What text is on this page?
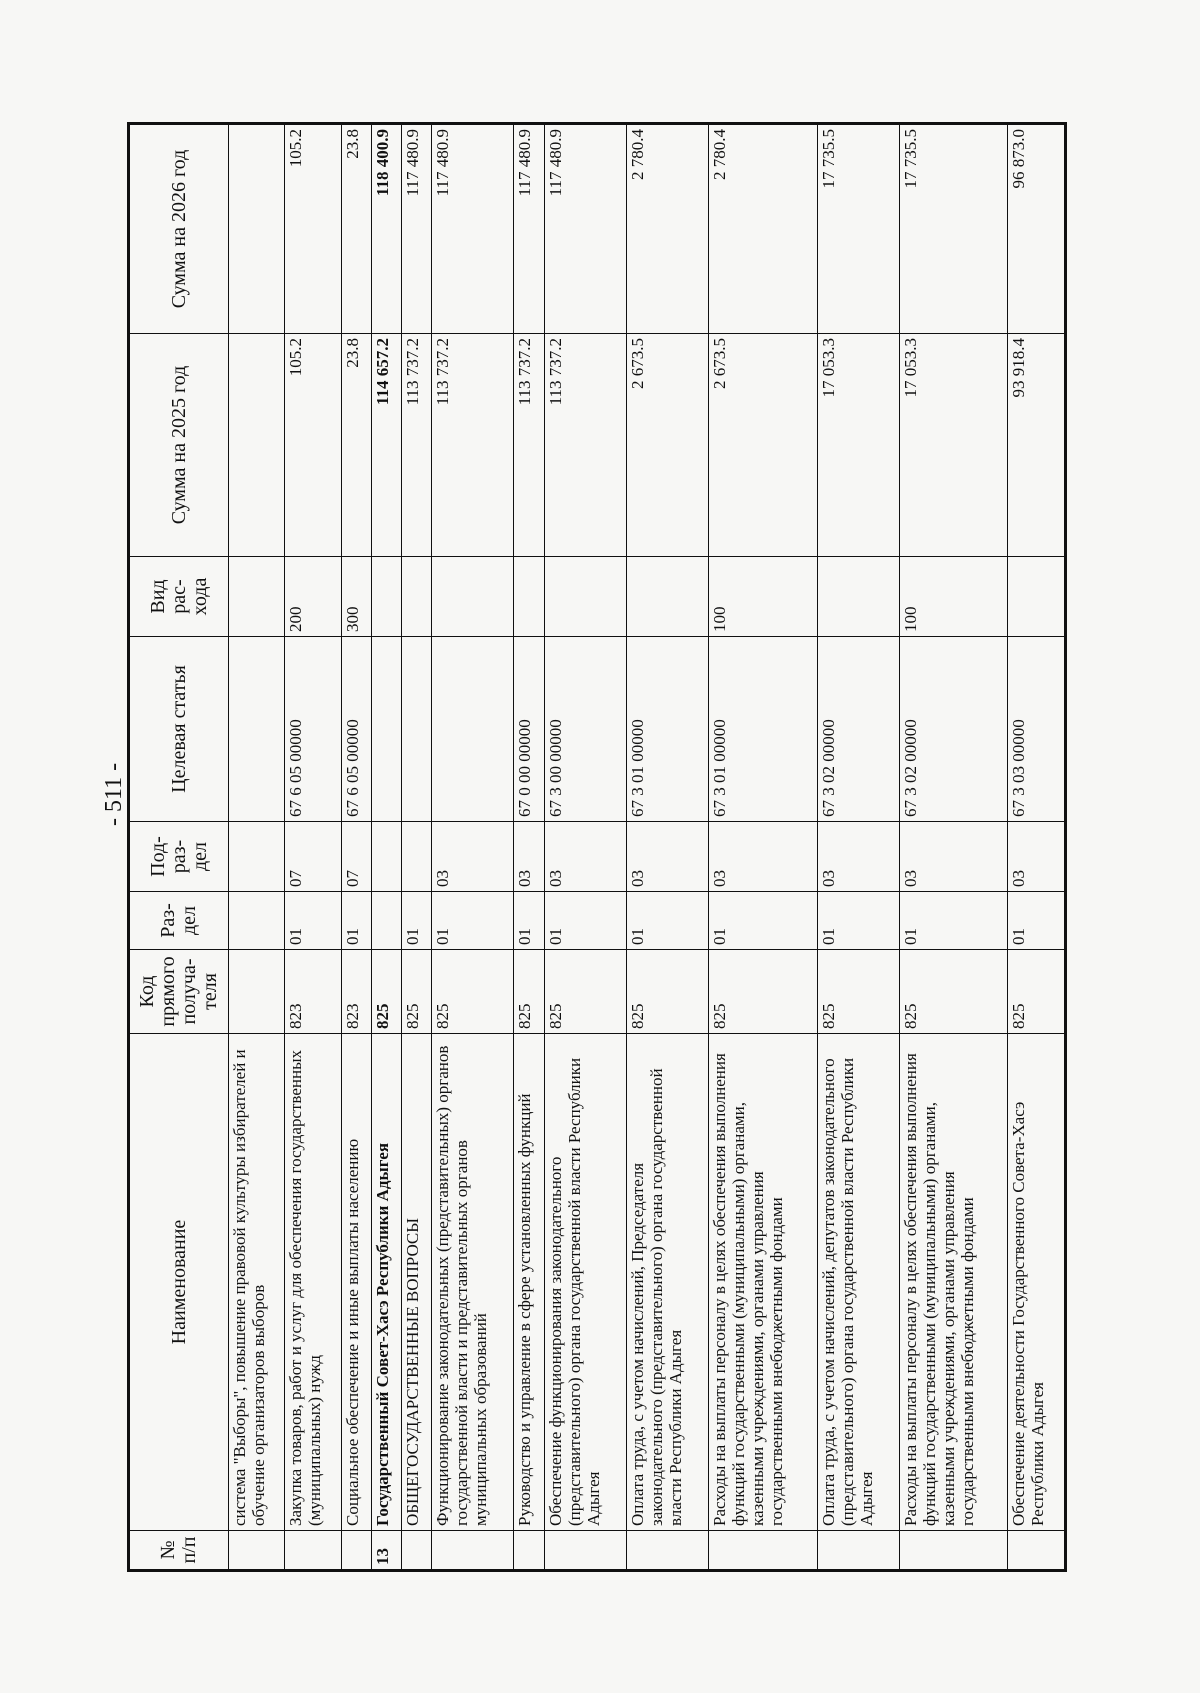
- 511 -
№ п/п	Наименование	Код прямого получа- теля	Раз- дел	Под- раз- дел	Целевая статья	Вид рас- хода	Сумма на 2025 год	Сумма на 2026 год
	система "Выборы", повышение правовой культуры избирателей и обучение организаторов выборов							
	Закупка товаров, работ и услуг для обеспечения государственных (муниципальных) нужд	823	01	07	67 6 05 00000	200	105.2	105.2
	Социальное обеспечение и иные выплаты населению	823	01	07	67 6 05 00000	300	23.8	23.8
13	Государственный Совет-Хасэ Республики Адыгея	825					114 657.2	118 400.9
	ОБЩЕГОСУДАРСТВЕННЫЕ ВОПРОСЫ	825	01				113 737.2	117 480.9
	Функционирование законодательных (представительных) органов государственной власти и представительных органов муниципальных образований	825	01	03			113 737.2	117 480.9
	Руководство и управление в сфере установленных функций	825	01	03	67 0 00 00000		113 737.2	117 480.9
	Обеспечение функционирования законодательного (представительного) органа государственной власти Республики Адыгея	825	01	03	67 3 00 00000		113 737.2	117 480.9
	Оплата труда, с учетом начислений, Председателя законодательного (представительного) органа государственной власти Республики Адыгея	825	01	03	67 3 01 00000		2 673.5	2 780.4
	Расходы на выплаты персоналу в целях обеспечения выполнения функций государственными (муниципальными) органами, казенными учреждениями, органами управления государственными внебюджетными фондами	825	01	03	67 3 01 00000	100	2 673.5	2 780.4
	Оплата труда, с учетом начислений, депутатов законодательного (представительного) органа государственной власти Республики Адыгея	825	01	03	67 3 02 00000		17 053.3	17 735.5
	Расходы на выплаты персоналу в целях обеспечения выполнения функций государственными (муниципальными) органами, казенными учреждениями, органами управления государственными внебюджетными фондами	825	01	03	67 3 02 00000	100	17 053.3	17 735.5
	Обеспечение деятельности Государственного Совета-Хасэ Республики Адыгея	825	01	03	67 3 03 00000		93 918.4	96 873.0
